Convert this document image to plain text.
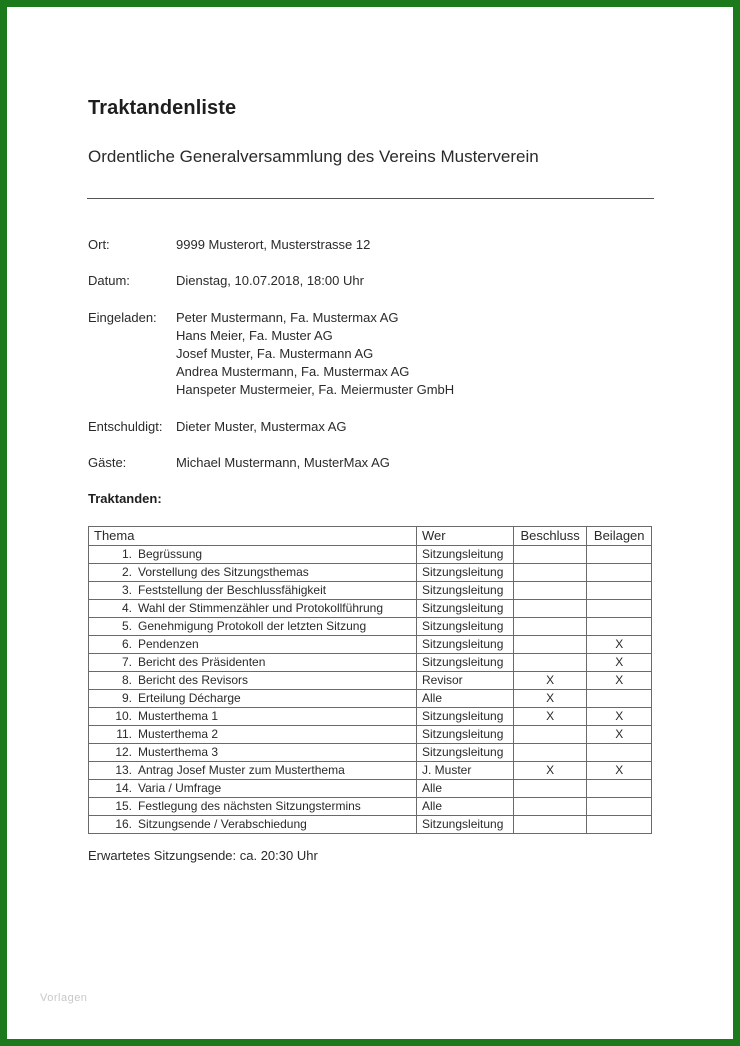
Traktandenliste
Ordentliche Generalversammlung des Vereins Musterverein
Ort:	9999 Musterort, Musterstrasse 12
Datum:	Dienstag, 10.07.2018, 18:00 Uhr
Eingeladen: Peter Mustermann, Fa. Mustermax AG
Hans Meier, Fa. Muster AG
Josef Muster, Fa. Mustermann AG
Andrea Mustermann, Fa. Mustermax AG
Hanspeter Mustermeier, Fa. Meiermuster GmbH
Entschuldigt: Dieter Muster, Mustermax AG
Gäste:	Michael Mustermann, MusterMax AG
Traktanden:
Thema	Wer	Beschluss	Beilagen
1. Begrüssung	Sitzungsleitung		
2. Vorstellung des Sitzungsthemas	Sitzungsleitung		
3. Feststellung der Beschlussfähigkeit	Sitzungsleitung		
4. Wahl der Stimmenzähler und Protokollführung	Sitzungsleitung		
5. Genehmigung Protokoll der letzten Sitzung	Sitzungsleitung		
6. Pendenzen	Sitzungsleitung		X
7. Bericht des Präsidenten	Sitzungsleitung		X
8. Bericht des Revisors	Revisor	X	X
9. Erteilung Décharge	Alle	X	
10. Musterthema 1	Sitzungsleitung	X	X
11. Musterthema 2	Sitzungsleitung		X
12. Musterthema 3	Sitzungsleitung		
13. Antrag Josef Muster zum Musterthema	J. Muster	X	X
14. Varia / Umfrage	Alle		
15. Festlegung des nächsten Sitzungstermins	Alle		
16. Sitzungsende / Verabschiedung	Sitzungsleitung		
Erwartetes Sitzungsende: ca. 20:30 Uhr
Vorlagen
